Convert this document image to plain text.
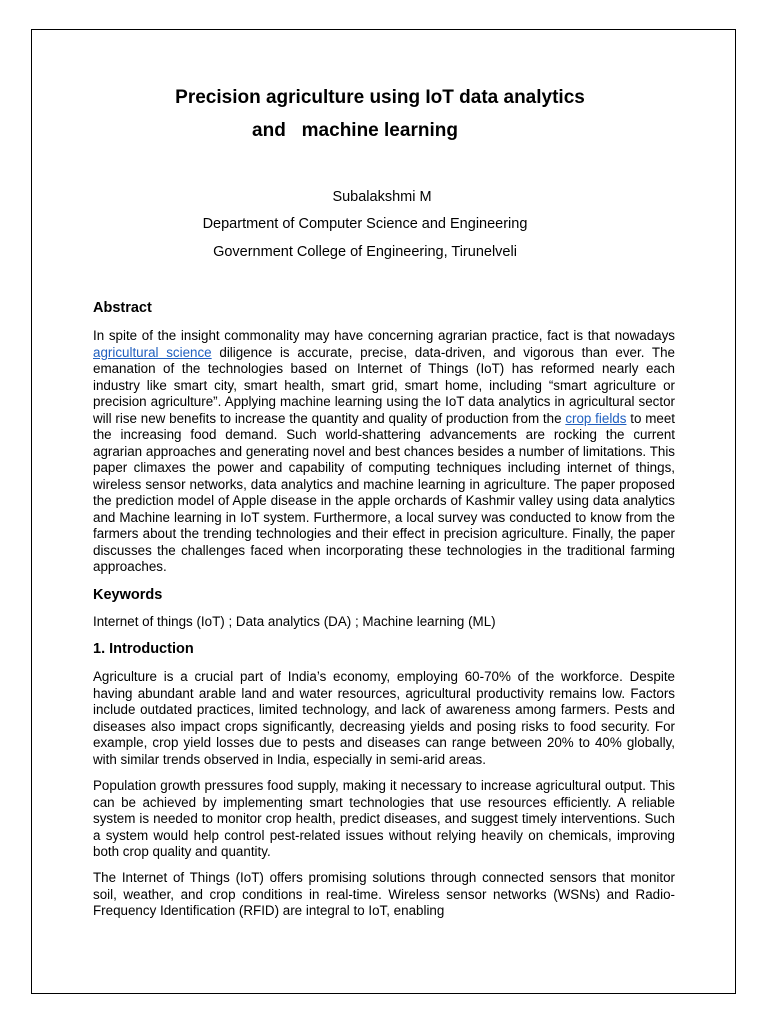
Precision agriculture using IoT data analytics
and   machine learning

Subalakshmi M

Department of Computer Science and Engineering

Government College of Engineering, Tirunelveli

Abstract

In spite of the insight commonality may have concerning agrarian practice, fact is that nowadays agricultural science diligence is accurate, precise, data-driven, and vigorous than ever. The emanation of the technologies based on Internet of Things (IoT) has reformed nearly each industry like smart city, smart health, smart grid, smart home, including “smart agriculture or precision agriculture”. Applying machine learning using the IoT data analytics in agricultural sector will rise new benefits to increase the quantity and quality of production from the crop fields to meet the increasing food demand. Such world-shattering advancements are rocking the current agrarian approaches and generating novel and best chances besides a number of limitations. This paper climaxes the power and capability of computing techniques including internet of things, wireless sensor networks, data analytics and machine learning in agriculture. The paper proposed the prediction model of Apple disease in the apple orchards of Kashmir valley using data analytics and Machine learning in IoT system. Furthermore, a local survey was conducted to know from the farmers about the trending technologies and their effect in precision agriculture. Finally, the paper discusses the challenges faced when incorporating these technologies in the traditional farming approaches.

Keywords

Internet of things (IoT) ; Data analytics (DA) ; Machine learning (ML)

1. Introduction

Agriculture is a crucial part of India’s economy, employing 60-70% of the workforce. Despite having abundant arable land and water resources, agricultural productivity remains low. Factors include outdated practices, limited technology, and lack of awareness among farmers. Pests and diseases also impact crops significantly, decreasing yields and posing risks to food security. For example, crop yield losses due to pests and diseases can range between 20% to 40% globally, with similar trends observed in India, especially in semi-arid areas.

Population growth pressures food supply, making it necessary to increase agricultural output. This can be achieved by implementing smart technologies that use resources efficiently. A reliable system is needed to monitor crop health, predict diseases, and suggest timely interventions. Such a system would help control pest-related issues without relying heavily on chemicals, improving both crop quality and quantity.

The Internet of Things (IoT) offers promising solutions through connected sensors that monitor soil, weather, and crop conditions in real-time. Wireless sensor networks (WSNs) and Radio-Frequency Identification (RFID) are integral to IoT, enabling
